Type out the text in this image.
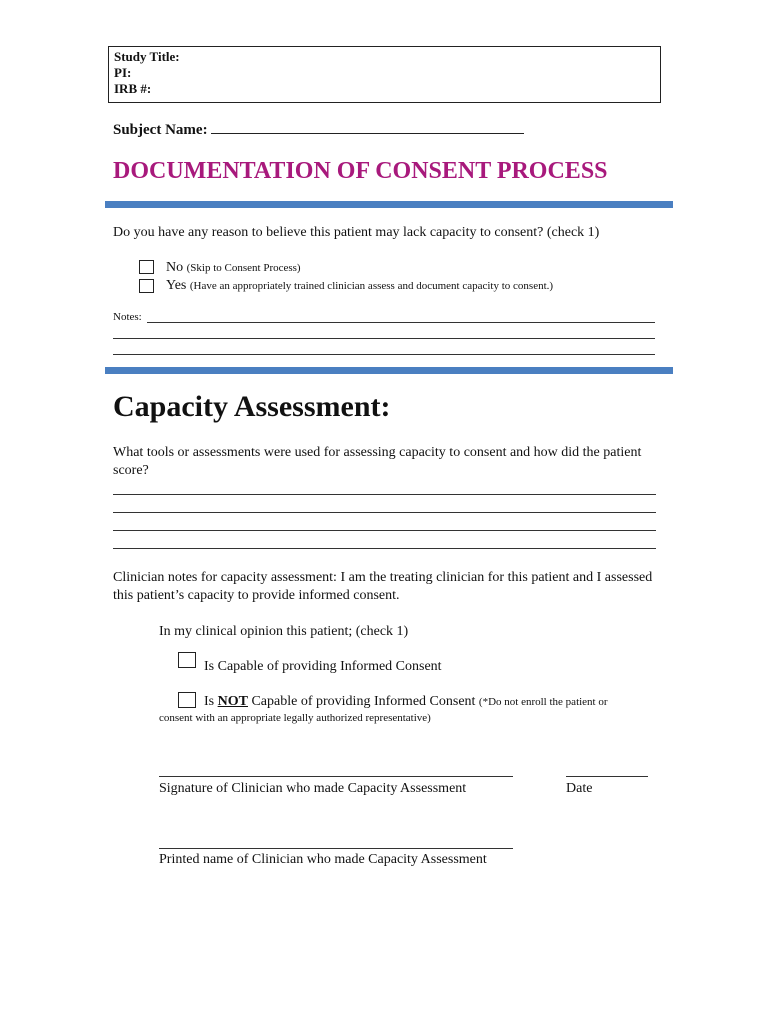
Study Title:
PI:
IRB #:
Subject Name:
DOCUMENTATION OF CONSENT PROCESS
Do you have any reason to believe this patient may lack capacity to consent? (check 1)
No (Skip to Consent Process)
Yes (Have an appropriately trained clinician assess and document capacity to consent.)
Notes:
Capacity Assessment:
What tools or assessments were used for assessing capacity to consent and how did the patient score?
Clinician notes for capacity assessment: I am the treating clinician for this patient and I assessed this patient’s capacity to provide informed consent.
In my clinical opinion this patient; (check 1)
Is Capable of providing Informed Consent
Is NOT Capable of providing Informed Consent (*Do not enroll the patient or
consent with an appropriate legally authorized representative)
Signature of Clinician who made Capacity Assessment	Date
Printed name of Clinician who made Capacity Assessment
